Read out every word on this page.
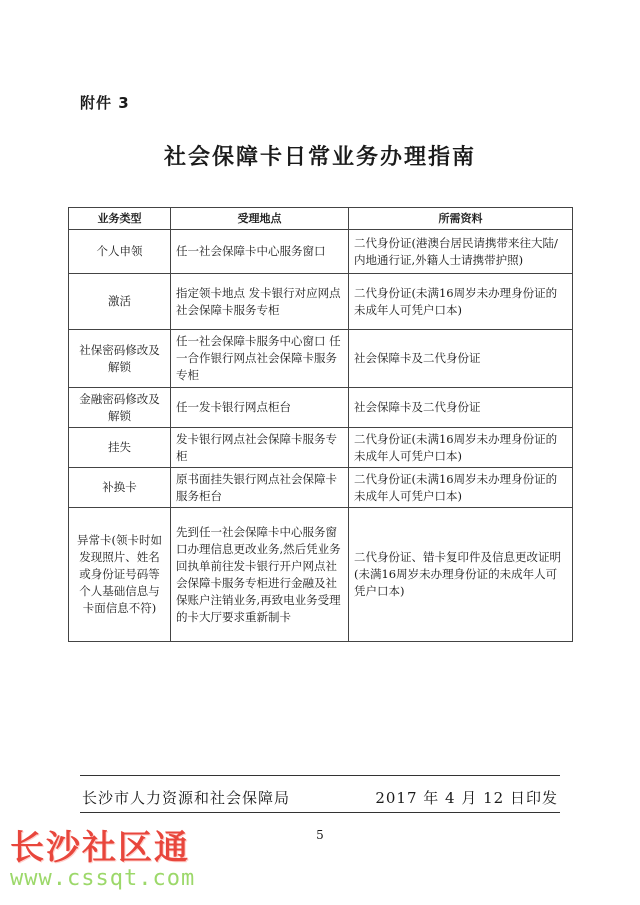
附件 3
社会保障卡日常业务办理指南
业务类型	受理地点	所需资料
个人申领	任一社会保障卡中心服务窗口	二代身份证(港澳台居民请携带来往大陆/内地通行证,外籍人士请携带护照)
激活	指定领卡地点 发卡银行对应网点社会保障卡服务专柜	二代身份证(未满16周岁未办理身份证的未成年人可凭户口本)
社保密码修改及解锁	任一社会保障卡服务中心窗口 任一合作银行网点社会保障卡服务专柜	社会保障卡及二代身份证
金融密码修改及解锁	任一发卡银行网点柜台	社会保障卡及二代身份证
挂失	发卡银行网点社会保障卡服务专柜	二代身份证(未满16周岁未办理身份证的未成年人可凭户口本)
补换卡	原书面挂失银行网点社会保障卡服务柜台	二代身份证(未满16周岁未办理身份证的未成年人可凭户口本)
异常卡(领卡时如发现照片、姓名或身份证号码等个人基础信息与卡面信息不符)	先到任一社会保障卡中心服务窗口办理信息更改业务,然后凭业务回执单前往发卡银行开户网点社会保障卡服务专柜进行金融及社保账户注销业务,再致电业务受理的卡大厅要求重新制卡	二代身份证、错卡复印件及信息更改证明(未满16周岁未办理身份证的未成年人可凭户口本)
长沙市人力资源和社会保障局	2017 年 4 月 12 日印发
5
长沙社区通
www.cssqt.com
